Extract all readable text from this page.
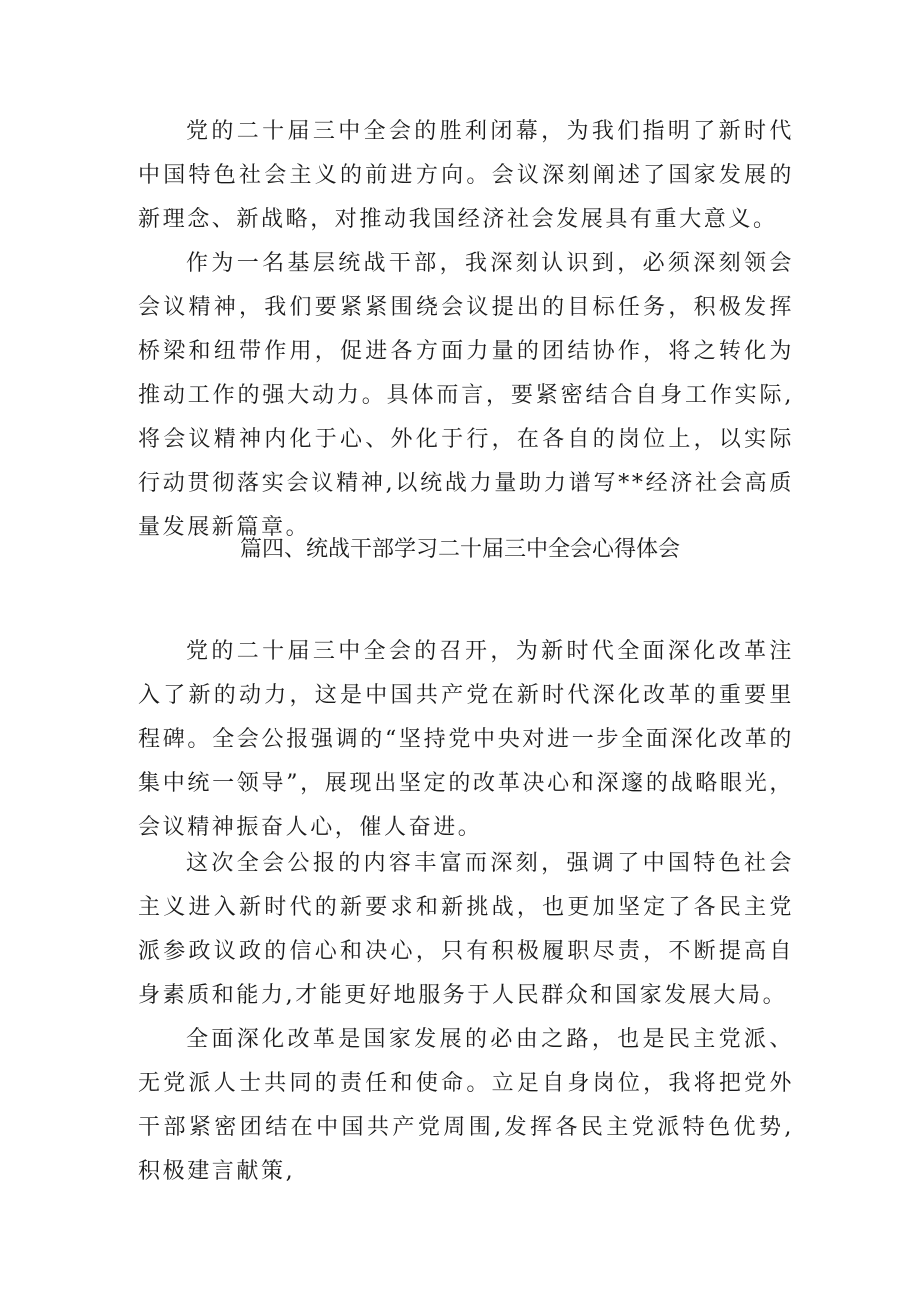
党的二十届三中全会的胜利闭幕，为我们指明了新时代中国特色社会主义的前进方向。会议深刻阐述了国家发展的新理念、新战略，对推动我国经济社会发展具有重大意义。

作为一名基层统战干部，我深刻认识到，必须深刻领会会议精神，我们要紧紧围绕会议提出的目标任务，积极发挥桥梁和纽带作用，促进各方面力量的团结协作，将之转化为推动工作的强大动力。具体而言，要紧密结合自身工作实际,将会议精神内化于心、外化于行，在各自的岗位上，以实际行动贯彻落实会议精神,以统战力量助力谱写**经济社会高质量发展新篇章。

篇四、统战干部学习二十届三中全会心得体会

党的二十届三中全会的召开，为新时代全面深化改革注入了新的动力，这是中国共产党在新时代深化改革的重要里程碑。全会公报强调的“坚持党中央对进一步全面深化改革的集中统一领导”，展现出坚定的改革决心和深邃的战略眼光，会议精神振奋人心，催人奋进。

这次全会公报的内容丰富而深刻，强调了中国特色社会主义进入新时代的新要求和新挑战，也更加坚定了各民主党派参政议政的信心和决心，只有积极履职尽责，不断提高自身素质和能力,才能更好地服务于人民群众和国家发展大局。

全面深化改革是国家发展的必由之路，也是民主党派、无党派人士共同的责任和使命。立足自身岗位，我将把党外干部紧密团结在中国共产党周围,发挥各民主党派特色优势,积极建言献策,
